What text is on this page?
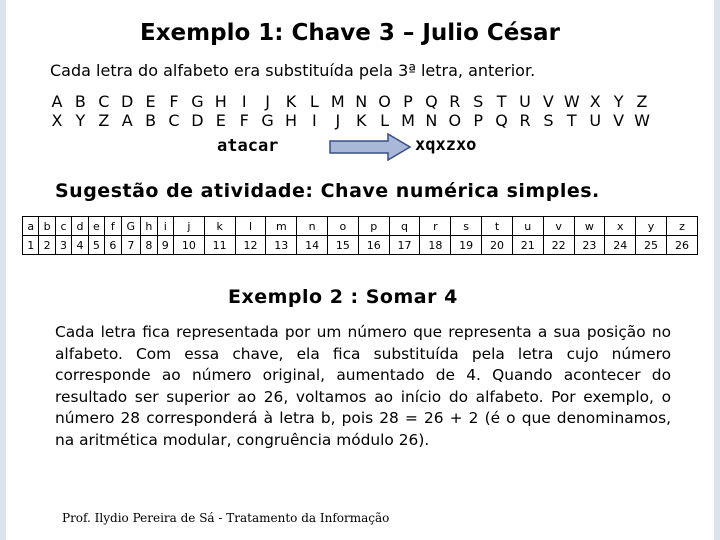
Exemplo 1: Chave 3 – Julio César
Cada letra do alfabeto era substituída pela 3ª letra, anterior.
A B C D E F G H I J K L M N O P Q R S T U V W X Y Z
X Y Z A B C D E F G H I J K L M N O P Q R S T U V W
atacar	xqxzxo
Sugestão de atividade: Chave numérica simples.
a	b	c	d	e	f	G	h	i	j	k	l	m	n	o	p	q	r	s	t	u	v	w	x	y	z
1	2	3	4	5	6	7	8	9	10	11	12	13	14	15	16	17	18	19	20	21	22	23	24	25	26
Exemplo 2 : Somar 4
Cada letra fica representada por um número que representa a sua posição no alfabeto. Com essa chave, ela fica substituída pela letra cujo número corresponde ao número original, aumentado de 4. Quando acontecer do resultado ser superior ao 26, voltamos ao início do alfabeto. Por exemplo, o número 28 corresponderá à letra b, pois 28 = 26 + 2 (é o que denominamos, na aritmética modular, congruência módulo 26).
Prof. Ilydio Pereira de Sá - Tratamento da Informação
